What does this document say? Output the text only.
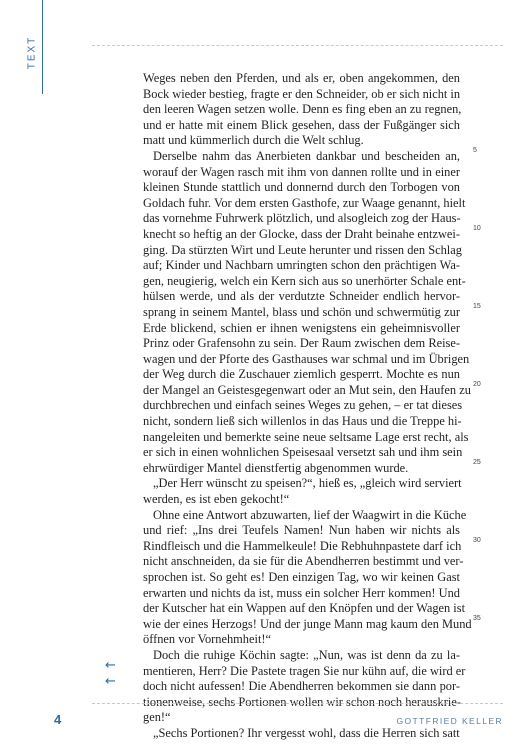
TEXT
Weges neben den Pferden, und als er, oben angekommen, den
Bock wieder bestieg, fragte er den Schneider, ob er sich nicht in
den leeren Wagen setzen wolle. Denn es fing eben an zu regnen,
und er hatte mit einem Blick gesehen, dass der Fußgänger sich
matt und kümmerlich durch die Welt schlug.
Derselbe nahm das Anerbieten dankbar und bescheiden an,
worauf der Wagen rasch mit ihm von dannen rollte und in einer
kleinen Stunde stattlich und donnernd durch den Torbogen von
Goldach fuhr. Vor dem ersten Gasthofe, zur Waage genannt, hielt
das vornehme Fuhrwerk plötzlich, und alsogleich zog der Haus-
knecht so heftig an der Glocke, dass der Draht beinahe entzwei-
ging. Da stürzten Wirt und Leute herunter und rissen den Schlag
auf; Kinder und Nachbarn umringten schon den prächtigen Wa-
gen, neugierig, welch ein Kern sich aus so unerhörter Schale ent-
hülsen werde, und als der verdutzte Schneider endlich hervor-
sprang in seinem Mantel, blass und schön und schwermütig zur
Erde blickend, schien er ihnen wenigstens ein geheimnisvoller
Prinz oder Grafensohn zu sein. Der Raum zwischen dem Reise-
wagen und der Pforte des Gasthauses war schmal und im Übrigen
der Weg durch die Zuschauer ziemlich gesperrt. Mochte es nun
der Mangel an Geistesgegenwart oder an Mut sein, den Haufen zu
durchbrechen und einfach seines Weges zu gehen, – er tat dieses
nicht, sondern ließ sich willenlos in das Haus und die Treppe hi-
nangeleiten und bemerkte seine neue seltsame Lage erst recht, als
er sich in einen wohnlichen Speisesaal versetzt sah und ihm sein
ehrwürdiger Mantel dienstfertig abgenommen wurde.
„Der Herr wünscht zu speisen?“, hieß es, „gleich wird serviert
werden, es ist eben gekocht!“
Ohne eine Antwort abzuwarten, lief der Waagwirt in die Küche
und rief: „Ins drei Teufels Namen! Nun haben wir nichts als
Rindfleisch und die Hammelkeule! Die Rebhuhnpastete darf ich
nicht anschneiden, da sie für die Abendherren bestimmt und ver-
sprochen ist. So geht es! Den einzigen Tag, wo wir keinen Gast
erwarten und nichts da ist, muss ein solcher Herr kommen! Und
der Kutscher hat ein Wappen auf den Knöpfen und der Wagen ist
wie der eines Herzogs! Und der junge Mann mag kaum den Mund
öffnen vor Vornehmheit!“
Doch die ruhige Köchin sagte: „Nun, was ist denn da zu la-
mentieren, Herr? Die Pastete tragen Sie nur kühn auf, die wird er
doch nicht aufessen! Die Abendherren bekommen sie dann por-
tionenweise, sechs Portionen wollen wir schon noch herauskrie-
gen!“
„Sechs Portionen? Ihr vergesst wohl, dass die Herren sich satt
5
10
15
20
25
30
35
←
←
4	GOTTFRIED KELLER
